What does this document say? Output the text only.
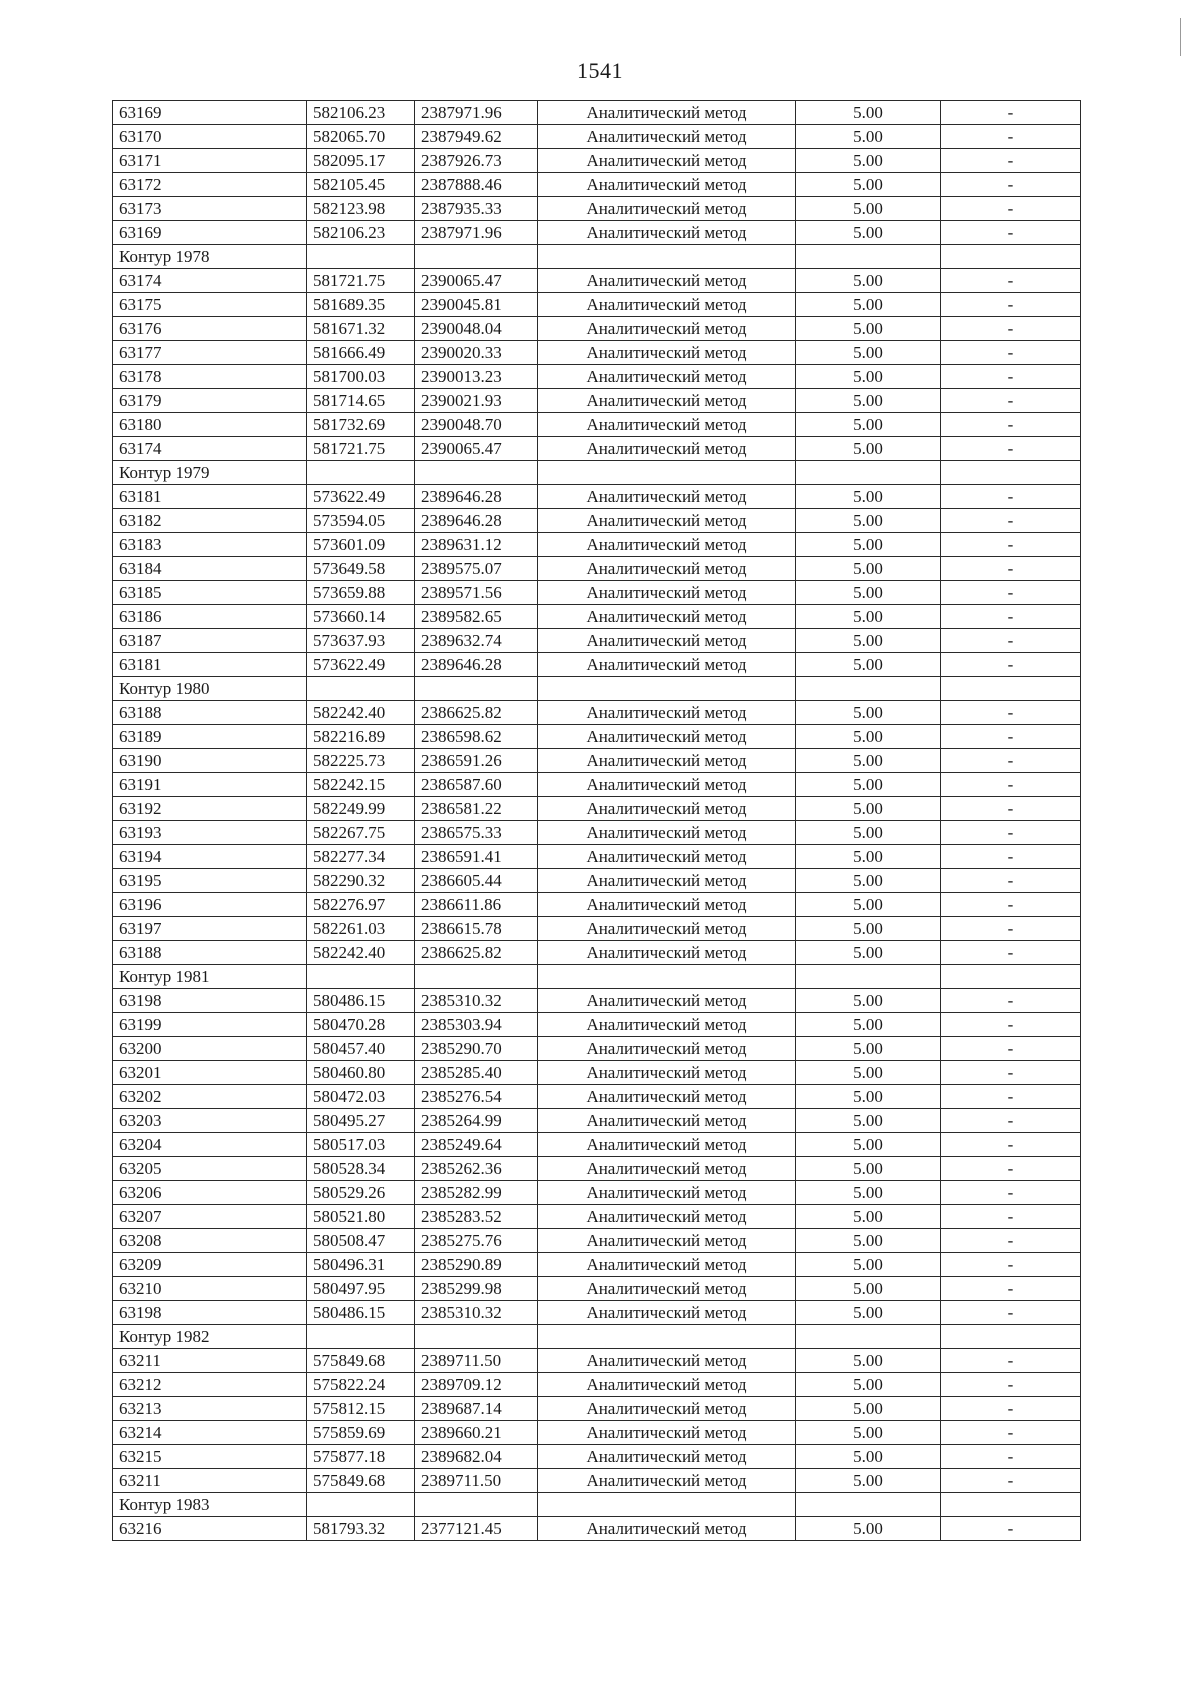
1541
63169	582106.23	2387971.96	Аналитический метод	5.00	-
63170	582065.70	2387949.62	Аналитический метод	5.00	-
63171	582095.17	2387926.73	Аналитический метод	5.00	-
63172	582105.45	2387888.46	Аналитический метод	5.00	-
63173	582123.98	2387935.33	Аналитический метод	5.00	-
63169	582106.23	2387971.96	Аналитический метод	5.00	-
Контур 1978					
63174	581721.75	2390065.47	Аналитический метод	5.00	-
63175	581689.35	2390045.81	Аналитический метод	5.00	-
63176	581671.32	2390048.04	Аналитический метод	5.00	-
63177	581666.49	2390020.33	Аналитический метод	5.00	-
63178	581700.03	2390013.23	Аналитический метод	5.00	-
63179	581714.65	2390021.93	Аналитический метод	5.00	-
63180	581732.69	2390048.70	Аналитический метод	5.00	-
63174	581721.75	2390065.47	Аналитический метод	5.00	-
Контур 1979					
63181	573622.49	2389646.28	Аналитический метод	5.00	-
63182	573594.05	2389646.28	Аналитический метод	5.00	-
63183	573601.09	2389631.12	Аналитический метод	5.00	-
63184	573649.58	2389575.07	Аналитический метод	5.00	-
63185	573659.88	2389571.56	Аналитический метод	5.00	-
63186	573660.14	2389582.65	Аналитический метод	5.00	-
63187	573637.93	2389632.74	Аналитический метод	5.00	-
63181	573622.49	2389646.28	Аналитический метод	5.00	-
Контур 1980					
63188	582242.40	2386625.82	Аналитический метод	5.00	-
63189	582216.89	2386598.62	Аналитический метод	5.00	-
63190	582225.73	2386591.26	Аналитический метод	5.00	-
63191	582242.15	2386587.60	Аналитический метод	5.00	-
63192	582249.99	2386581.22	Аналитический метод	5.00	-
63193	582267.75	2386575.33	Аналитический метод	5.00	-
63194	582277.34	2386591.41	Аналитический метод	5.00	-
63195	582290.32	2386605.44	Аналитический метод	5.00	-
63196	582276.97	2386611.86	Аналитический метод	5.00	-
63197	582261.03	2386615.78	Аналитический метод	5.00	-
63188	582242.40	2386625.82	Аналитический метод	5.00	-
Контур 1981					
63198	580486.15	2385310.32	Аналитический метод	5.00	-
63199	580470.28	2385303.94	Аналитический метод	5.00	-
63200	580457.40	2385290.70	Аналитический метод	5.00	-
63201	580460.80	2385285.40	Аналитический метод	5.00	-
63202	580472.03	2385276.54	Аналитический метод	5.00	-
63203	580495.27	2385264.99	Аналитический метод	5.00	-
63204	580517.03	2385249.64	Аналитический метод	5.00	-
63205	580528.34	2385262.36	Аналитический метод	5.00	-
63206	580529.26	2385282.99	Аналитический метод	5.00	-
63207	580521.80	2385283.52	Аналитический метод	5.00	-
63208	580508.47	2385275.76	Аналитический метод	5.00	-
63209	580496.31	2385290.89	Аналитический метод	5.00	-
63210	580497.95	2385299.98	Аналитический метод	5.00	-
63198	580486.15	2385310.32	Аналитический метод	5.00	-
Контур 1982					
63211	575849.68	2389711.50	Аналитический метод	5.00	-
63212	575822.24	2389709.12	Аналитический метод	5.00	-
63213	575812.15	2389687.14	Аналитический метод	5.00	-
63214	575859.69	2389660.21	Аналитический метод	5.00	-
63215	575877.18	2389682.04	Аналитический метод	5.00	-
63211	575849.68	2389711.50	Аналитический метод	5.00	-
Контур 1983					
63216	581793.32	2377121.45	Аналитический метод	5.00	-
